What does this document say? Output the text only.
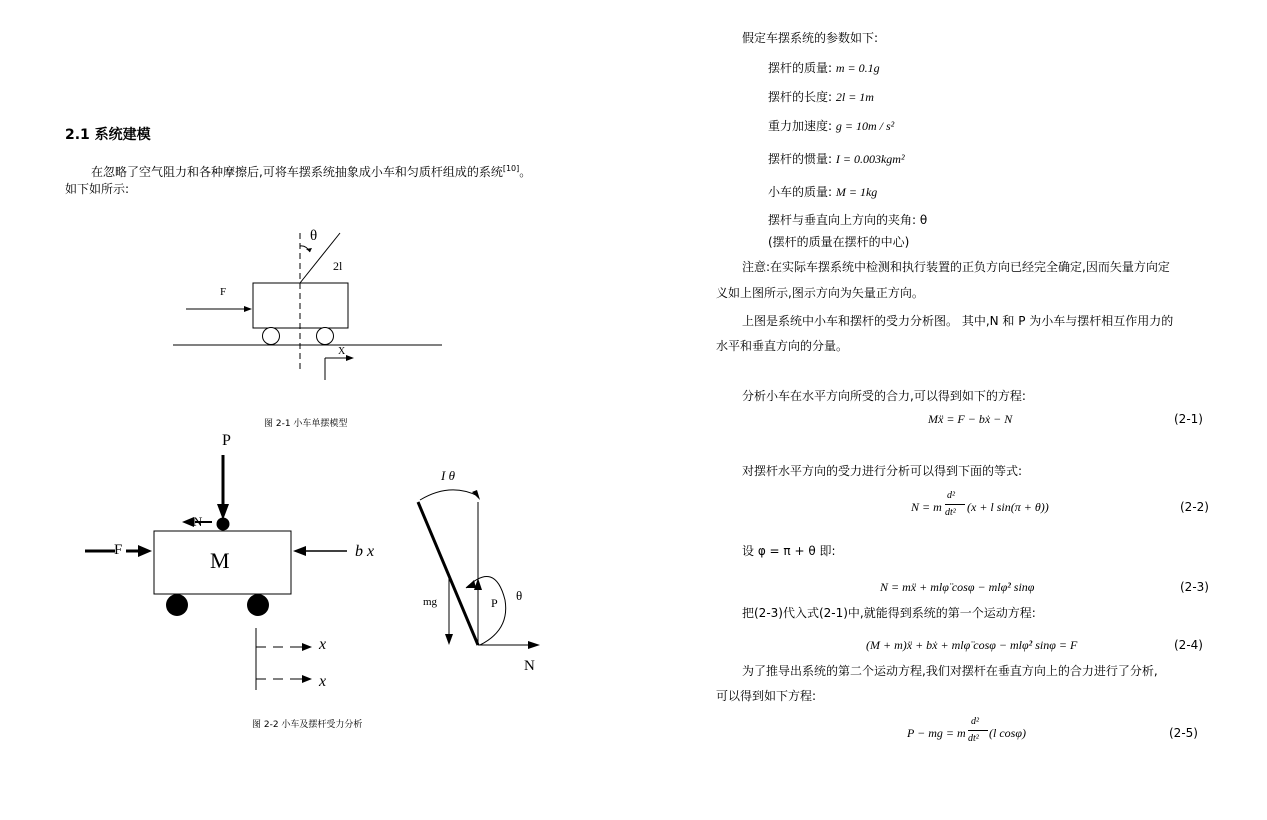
2.1 系统建模
在忽略了空气阻力和各种摩擦后,可将车摆系统抽象成小车和匀质杆组成的系统[10]。
如下如所示:
θ
2l
F
X
图 2-1 小车单摆模型
P
N
F	M	b x
x
x
I θ
mg	P θ
N
图 2-2 小车及摆杆受力分析
假定车摆系统的参数如下:
摆杆的质量: m = 0.1g
摆杆的长度: 2l = 1m
重力加速度: g = 10m / s²
摆杆的惯量: I = 0.003kgm²
小车的质量: M = 1kg
摆杆与垂直向上方向的夹角: θ
(摆杆的质量在摆杆的中心)
注意:在实际车摆系统中检测和执行装置的正负方向已经完全确定,因而矢量方向定
义如上图所示,图示方向为矢量正方向。
上图是系统中小车和摆杆的受力分析图。 其中,N 和 P 为小车与摆杆相互作用力的
水平和垂直方向的分量。
分析小车在水平方向所受的合力,可以得到如下的方程:
Mẍ = F − bẋ − N	(2-1)
对摆杆水平方向的受力进行分析可以得到下面的等式:
N = m
d²
dt² (x + l sin(π + θ))	(2-2)
设 φ = π + θ 即:
N = mẍ + mlφ̈ cosφ − mlφ̇² sinφ	(2-3)
把(2-3)代入式(2-1)中,就能得到系统的第一个运动方程:
(M + m)ẍ + bẋ + mlφ̈ cosφ − mlφ̇² sinφ = F	(2-4)
为了推导出系统的第二个运动方程,我们对摆杆在垂直方向上的合力进行了分析,
可以得到如下方程:
P − mg = m
d²
dt² (l cosφ)	(2-5)
